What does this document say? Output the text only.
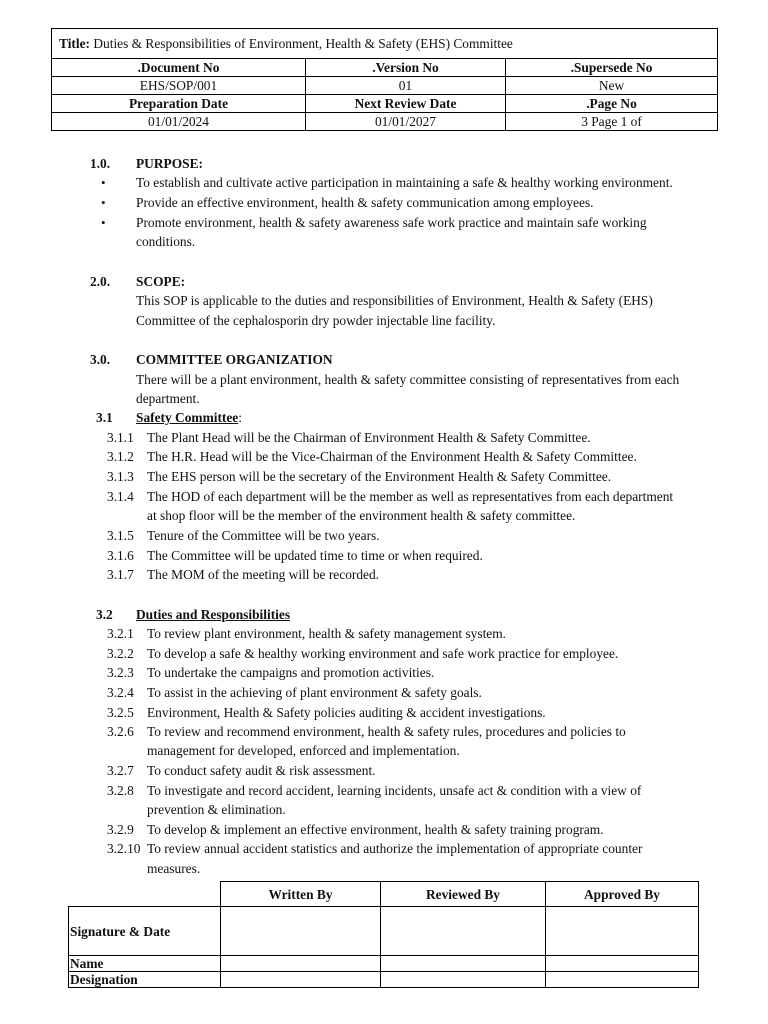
Title: Duties & Responsibilities of Environment, Health & Safety (EHS) Committee		
.Document No	.Version No	.Supersede No
EHS/SOP/001	01	New
Preparation Date	Next Review Date	.Page No
01/01/2024	01/01/2027	3 Page 1 of
1.0. PURPOSE:
• To establish and cultivate active participation in maintaining a safe & healthy working environment.
• Provide an effective environment, health & safety communication among employees.
• Promote environment, health & safety awareness safe work practice and maintain safe working
conditions.
2.0. SCOPE:
This SOP is applicable to the duties and responsibilities of Environment, Health & Safety (EHS)
Committee of the cephalosporin dry powder injectable line facility.
3.0. COMMITTEE ORGANIZATION
There will be a plant environment, health & safety committee consisting of representatives from each
department.
3.1 Safety Committee:
3.1.1 The Plant Head will be the Chairman of Environment Health & Safety Committee.
3.1.2 The H.R. Head will be the Vice-Chairman of the Environment Health & Safety Committee.
3.1.3 The EHS person will be the secretary of the Environment Health & Safety Committee.
3.1.4 The HOD of each department will be the member as well as representatives from each department
at shop floor will be the member of the environment health & safety committee.
3.1.5 Tenure of the Committee will be two years.
3.1.6 The Committee will be updated time to time or when required.
3.1.7 The MOM of the meeting will be recorded.
3.2 Duties and Responsibilities
3.2.1 To review plant environment, health & safety management system.
3.2.2 To develop a safe & healthy working environment and safe work practice for employee.
3.2.3 To undertake the campaigns and promotion activities.
3.2.4 To assist in the achieving of plant environment & safety goals.
3.2.5 Environment, Health & Safety policies auditing & accident investigations.
3.2.6 To review and recommend environment, health & safety rules, procedures and policies to
management for developed, enforced and implementation.
3.2.7 To conduct safety audit & risk assessment.
3.2.8 To investigate and record accident, learning incidents, unsafe act & condition with a view of
prevention & elimination.
3.2.9 To develop & implement an effective environment, health & safety training program.
3.2.10 To review annual accident statistics and authorize the implementation of appropriate counter
measures.
	Written By	Reviewed By	Approved By
Signature & Date			
Name			
Designation			
